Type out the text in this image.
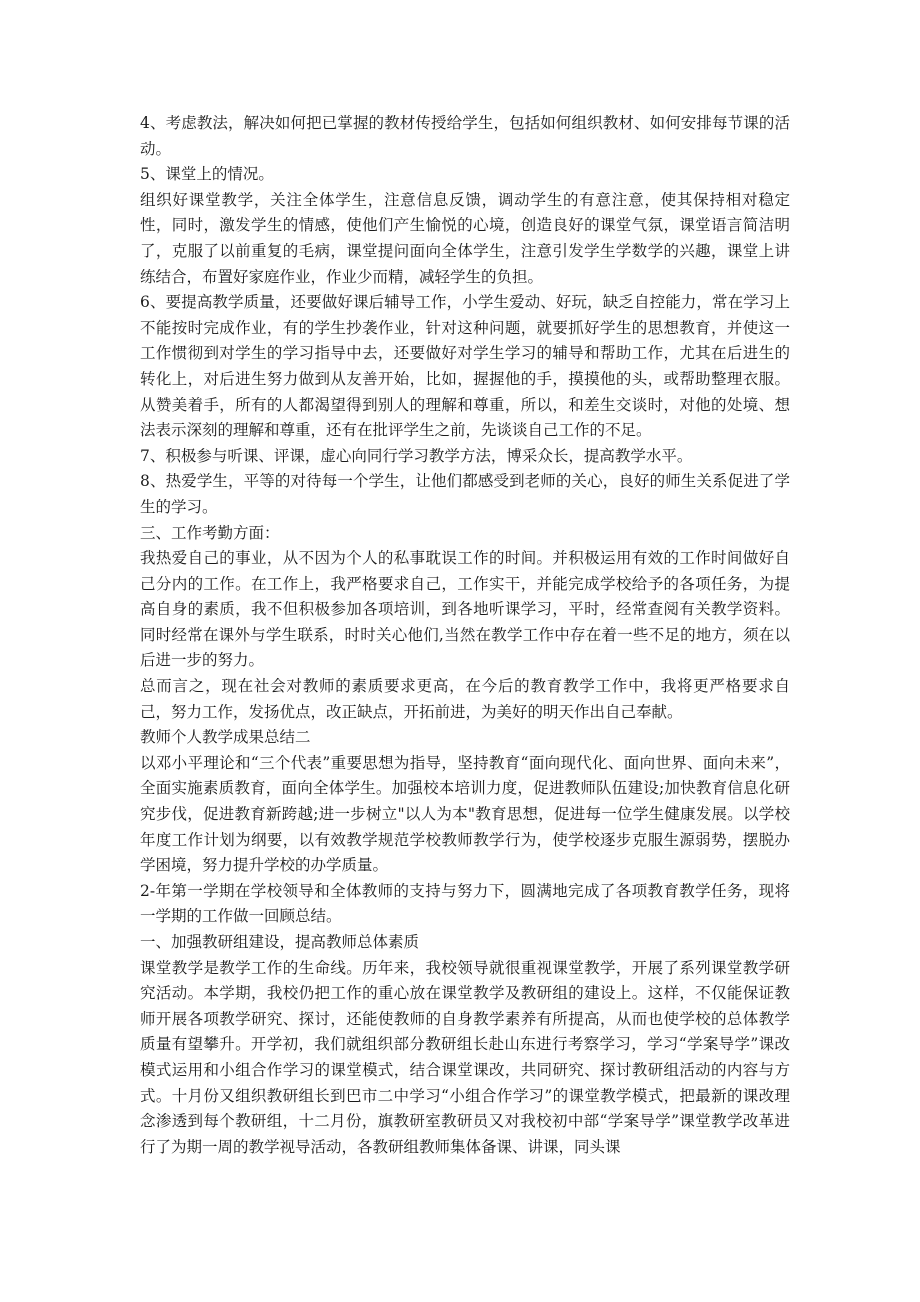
4、考虑教法，解决如何把已掌握的教材传授给学生，包括如何组织教材、如何安排每节课的活动。

5、课堂上的情况。

组织好课堂教学，关注全体学生，注意信息反馈，调动学生的有意注意，使其保持相对稳定性，同时，激发学生的情感，使他们产生愉悦的心境，创造良好的课堂气氛，课堂语言简洁明了，克服了以前重复的毛病，课堂提问面向全体学生，注意引发学生学数学的兴趣，课堂上讲练结合，布置好家庭作业，作业少而精，减轻学生的负担。

6、要提高教学质量，还要做好课后辅导工作，小学生爱动、好玩，缺乏自控能力，常在学习上不能按时完成作业，有的学生抄袭作业，针对这种问题，就要抓好学生的思想教育，并使这一工作惯彻到对学生的学习指导中去，还要做好对学生学习的辅导和帮助工作，尤其在后进生的转化上，对后进生努力做到从友善开始，比如，握握他的手，摸摸他的头，或帮助整理衣服。从赞美着手，所有的人都渴望得到别人的理解和尊重，所以，和差生交谈时，对他的处境、想法表示深刻的理解和尊重，还有在批评学生之前，先谈谈自己工作的不足。

7、积极参与听课、评课，虚心向同行学习教学方法，博采众长，提高教学水平。

8、热爱学生，平等的对待每一个学生，让他们都感受到老师的关心，良好的师生关系促进了学生的学习。

三、工作考勤方面：

我热爱自己的事业，从不因为个人的私事耽误工作的时间。并积极运用有效的工作时间做好自己分内的工作。在工作上，我严格要求自己，工作实干，并能完成学校给予的各项任务，为提高自身的素质，我不但积极参加各项培训，到各地听课学习，平时，经常查阅有关教学资料。同时经常在课外与学生联系，时时关心他们,当然在教学工作中存在着一些不足的地方，须在以后进一步的努力。

总而言之，现在社会对教师的素质要求更高，在今后的教育教学工作中，我将更严格要求自己，努力工作，发扬优点，改正缺点，开拓前进，为美好的明天作出自己奉献。

教师个人教学成果总结二

以邓小平理论和“三个代表”重要思想为指导，坚持教育“面向现代化、面向世界、面向未来”，全面实施素质教育，面向全体学生。加强校本培训力度，促进教师队伍建设;加快教育信息化研究步伐，促进教育新跨越;进一步树立"以人为本"教育思想，促进每一位学生健康发展。以学校年度工作计划为纲要，以有效教学规范学校教师教学行为，使学校逐步克服生源弱势，摆脱办学困境，努力提升学校的办学质量。

2-年第一学期在学校领导和全体教师的支持与努力下，圆满地完成了各项教育教学任务，现将一学期的工作做一回顾总结。

一、加强教研组建设，提高教师总体素质

课堂教学是教学工作的生命线。历年来，我校领导就很重视课堂教学，开展了系列课堂教学研究活动。本学期，我校仍把工作的重心放在课堂教学及教研组的建设上。这样，不仅能保证教师开展各项教学研究、探讨，还能使教师的自身教学素养有所提高，从而也使学校的总体教学质量有望攀升。开学初，我们就组织部分教研组长赴山东进行考察学习，学习“学案导学”课改模式运用和小组合作学习的课堂模式，结合课堂课改，共同研究、探讨教研组活动的内容与方式。十月份又组织教研组长到巴市二中学习“小组合作学习”的课堂教学模式，把最新的课改理念渗透到每个教研组，十二月份，旗教研室教研员又对我校初中部“学案导学”课堂教学改革进行了为期一周的教学视导活动，各教研组教师集体备课、讲课，同头课
